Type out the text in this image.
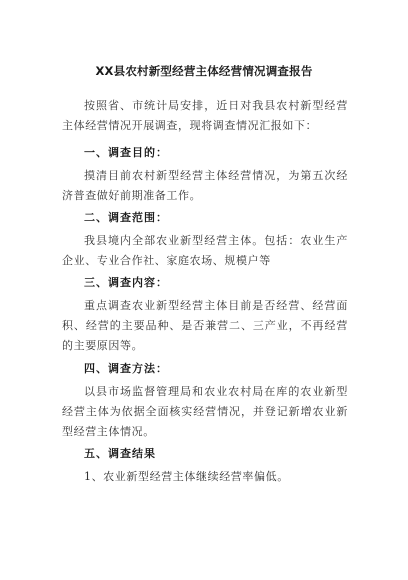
XX县农村新型经营主体经营情况调查报告
按照省、市统计局安排，近日对我县农村新型经营主体经营情况开展调查，现将调查情况汇报如下：
一、调查目的：
摸清目前农村新型经营主体经营情况，为第五次经济普查做好前期准备工作。
二、调查范围：
我县境内全部农业新型经营主体。包括：农业生产企业、专业合作社、家庭农场、规模户等
三、调查内容：
重点调查农业新型经营主体目前是否经营、经营面积、经营的主要品种、是否兼营二、三产业，不再经营的主要原因等。
四、调查方法：
以县市场监督管理局和农业农村局在库的农业新型经营主体为依据全面核实经营情况，并登记新增农业新型经营主体情况。
五、调查结果
1、农业新型经营主体继续经营率偏低。
